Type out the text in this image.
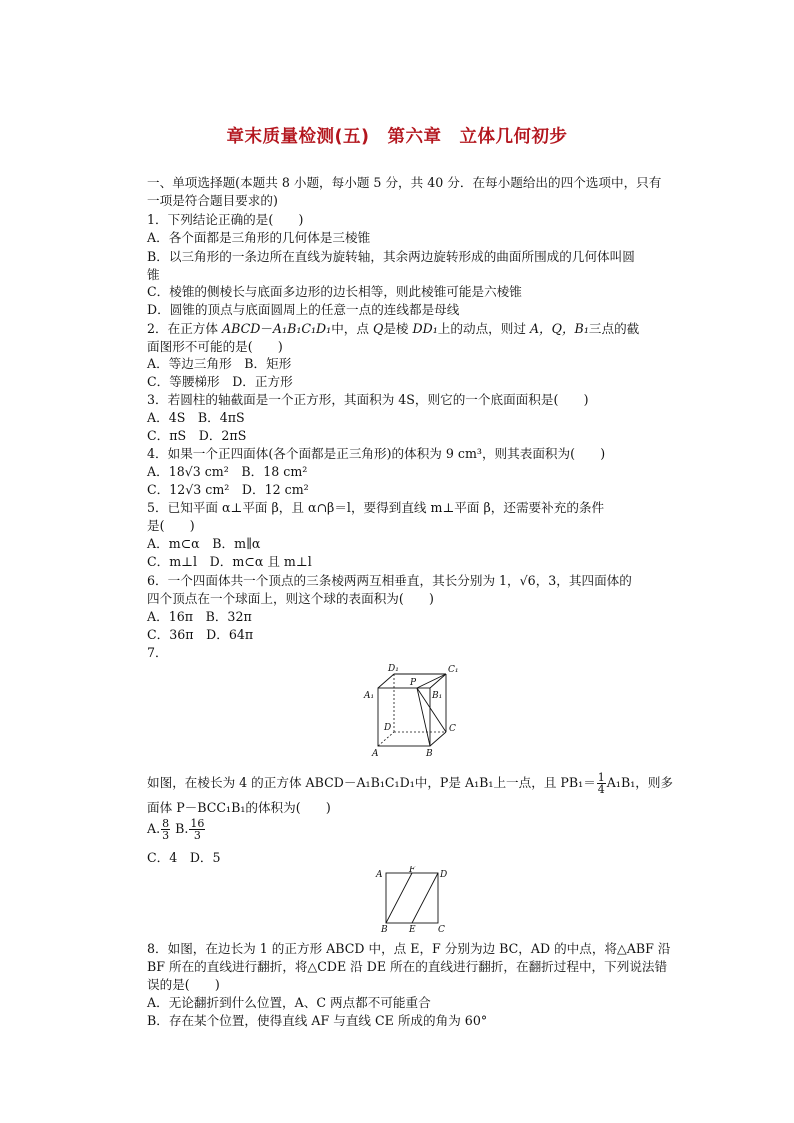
章末质量检测(五)　第六章　立体几何初步
一、单项选择题(本题共 8 小题，每小题 5 分，共 40 分．在每小题给出的四个选项中，只有一项是符合题目要求的)
1．下列结论正确的是(　　)
A．各个面都是三角形的几何体是三棱锥
B．以三角形的一条边所在直线为旋转轴，其余两边旋转形成的曲面所围成的几何体叫圆锥
C．棱锥的侧棱长与底面多边形的边长相等，则此棱锥可能是六棱锥
D．圆锥的顶点与底面圆周上的任意一点的连线都是母线
2．在正方体 ABCD－A₁B₁C₁D₁中，点 Q是棱 DD₁上的动点，则过 A，Q，B₁三点的截面图形不可能的是(　　)
A．等边三角形　B．矩形
C．等腰梯形　D．正方形
3．若圆柱的轴截面是一个正方形，其面积为 4S，则它的一个底面面积是(　　)
A．4S　B．4πS
C．πS　D．2πS
4．如果一个正四面体(各个面都是正三角形)的体积为 9 cm³，则其表面积为(　　)
A．18√3 cm²　B．18 cm²
C．12√3 cm²　D．12 cm²
5．已知平面 α⊥平面 β，且 α∩β＝l，要得到直线 m⊥平面 β，还需要补充的条件
是(　　)
A．m⊂α　B．m∥α
C．m⊥l　D．m⊂α 且 m⊥l
6．一个四面体共一个顶点的三条棱两两互相垂直，其长分别为 1，√6，3，其四面体的
四个顶点在一个球面上，则这个球的表面积为(　　)
A．16π　B．32π
C．36π　D．64π
7．
D₁	C₁
A₁
P
B₁
D	C
A	B
如图，在棱长为 4 的正方体 ABCD－A₁B₁C₁D₁中，P是 A₁B₁上一点，且 $PB_1= \frac{1}{4} A_1B_1$，则多
面体 P－BCC₁B₁的体积为(　　)
A. $\frac{8}{3} B$. $\frac{16}{3}$
C．4　D．5
A	F	D
B E C
8．如图，在边长为 1 的正方形 ABCD 中，点 E，F 分别为边 BC，AD 的中点，将△ABF 沿
BF 所在的直线进行翻折，将△CDE 沿 DE 所在的直线进行翻折，在翻折过程中，下列说法错
误的是(　　)
A．无论翻折到什么位置，A、C 两点都不可能重合
B．存在某个位置，使得直线 AF 与直线 CE 所成的角为 60°
